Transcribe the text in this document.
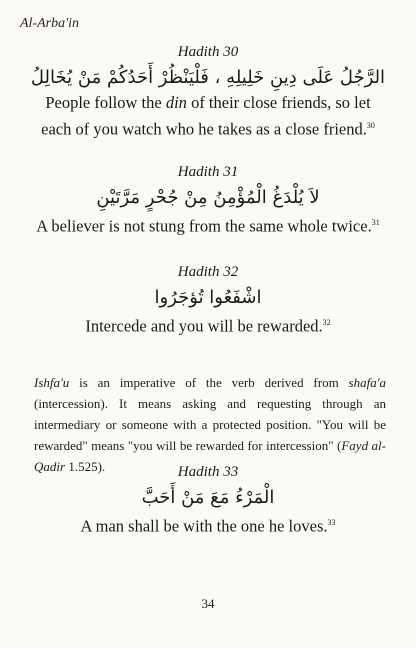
Al-Arba'in
Hadith 30
الرَّجُلُ عَلَى دِينِ خَلِيلِهِ ، فَلْيَنْظُرْ أَحَدُكُمْ مَنْ يُخَالِلُ
People follow the din of their close friends, so let each of you watch who he takes as a close friend.$^{30}$
Hadith 31
لاَ يُلْدَغُ الْمُؤْمِنُ مِنْ جُحْرٍ مَرَّتَيْنِ
A believer is not stung from the same whole twice.$^{31}$
Hadith 32
اشْفَعُوا تُؤجَرُوا
Intercede and you will be rewarded.$^{32}$
Ishfa'u is an imperative of the verb derived from shafa'a (intercession). It means asking and requesting through an intermediary or someone with a protected position. "You will be rewarded" means "you will be rewarded for intercession" (Fayd al-Qadir 1.525).	Hadith 33
الْمَرْءُ مَعَ مَنْ أَحَبَّ
A man shall be with the one he loves.$^{33}$
34
